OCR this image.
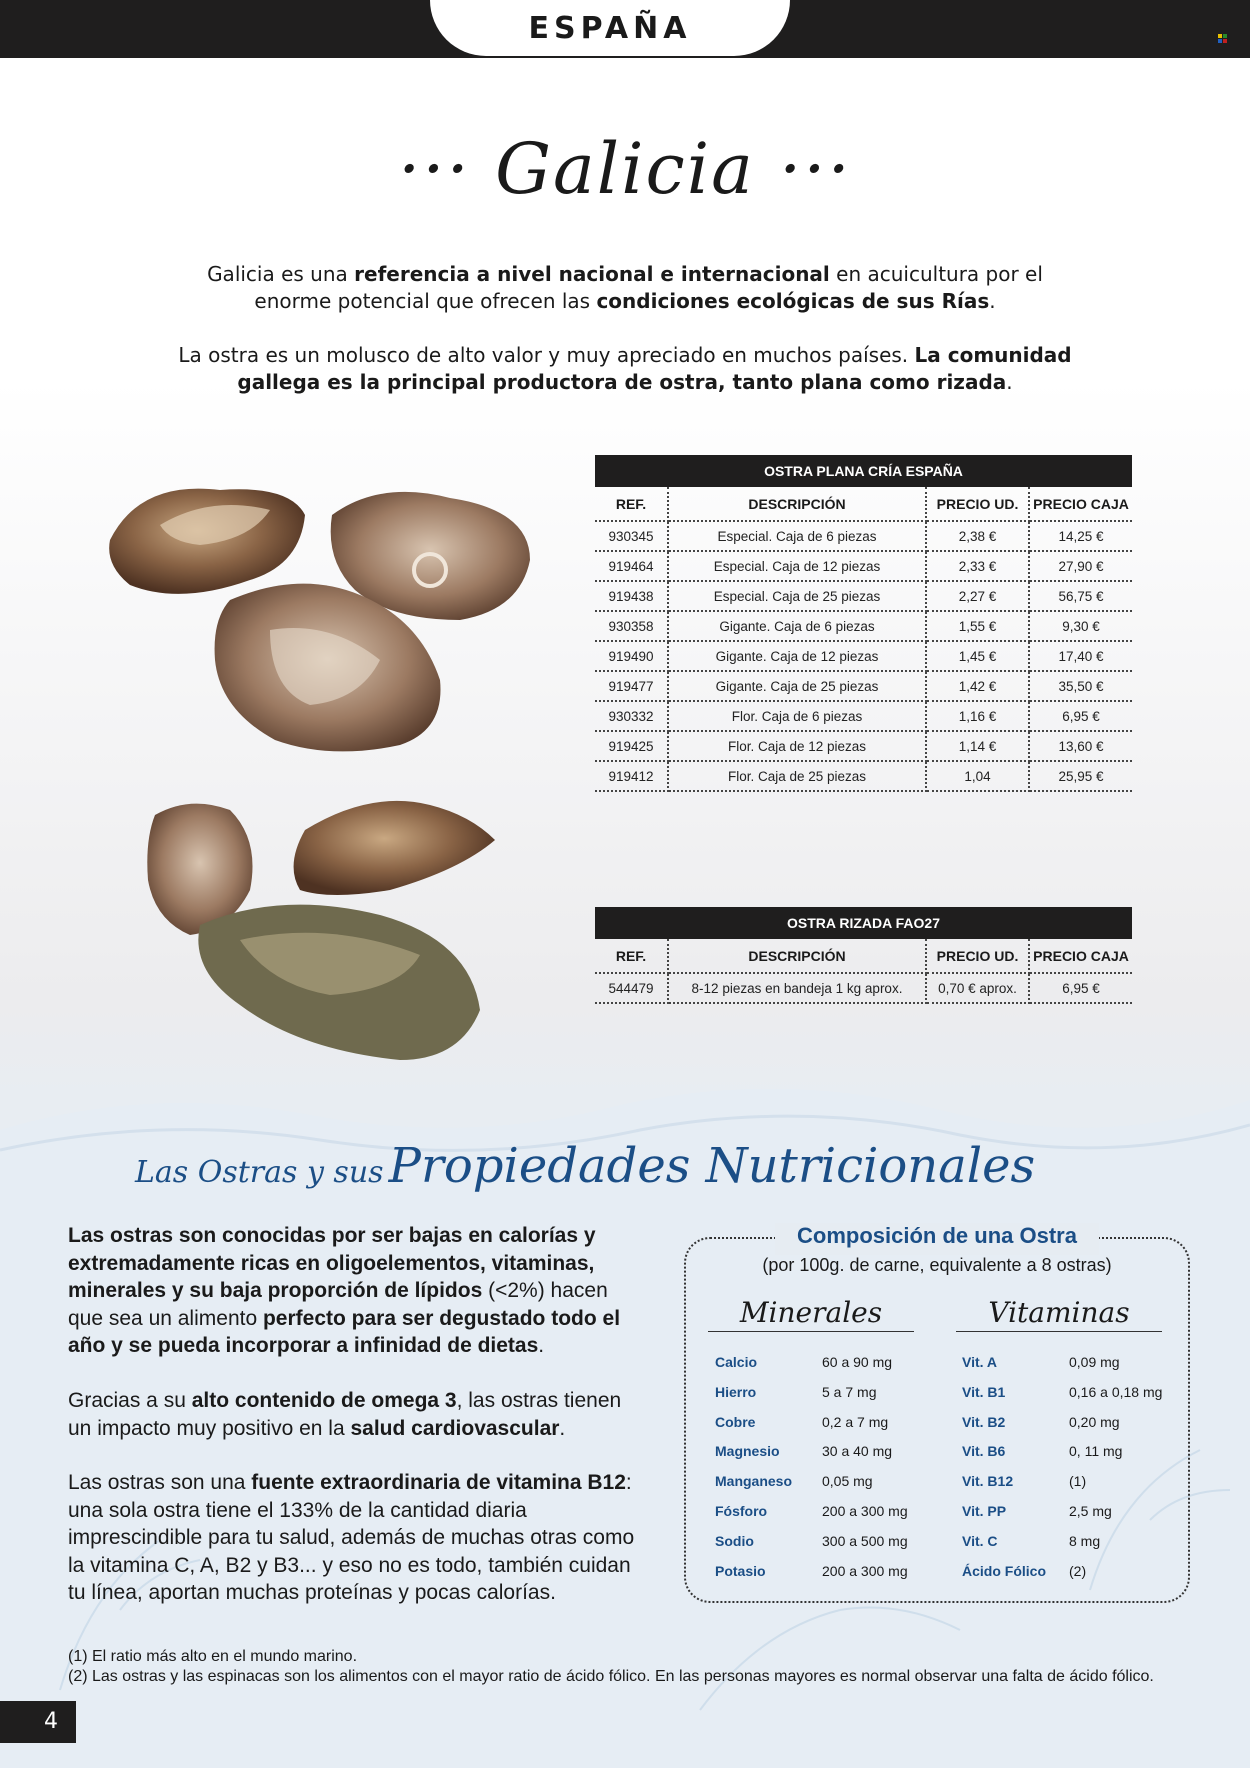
ESPAÑA
··· Galicia ···
Galicia es una referencia a nivel nacional e internacional en acuicultura por el enorme potencial que ofrecen las condiciones ecológicas de sus Rías.
La ostra es un molusco de alto valor y muy apreciado en muchos países. La comunidad gallega es la principal productora de ostra, tanto plana como rizada.
OSTRA PLANA CRÍA ESPAÑA
REF.	DESCRIPCIÓN	PRECIO UD.	PRECIO CAJA
930345	Especial. Caja de 6 piezas	2,38 €	14,25 €
919464	Especial. Caja de 12 piezas	2,33 €	27,90 €
919438	Especial. Caja de 25 piezas	2,27 €	56,75 €
930358	Gigante. Caja de 6 piezas	1,55 €	9,30 €
919490	Gigante. Caja de 12 piezas	1,45 €	17,40 €
919477	Gigante. Caja de 25 piezas	1,42 €	35,50 €
930332	Flor. Caja de 6 piezas	1,16 €	6,95 €
919425	Flor. Caja de 12 piezas	1,14 €	13,60 €
919412	Flor. Caja de 25 piezas	1,04	25,95 €
OSTRA RIZADA FAO27
REF.	DESCRIPCIÓN	PRECIO UD.	PRECIO CAJA
544479	8-12 piezas en bandeja 1 kg aprox.	0,70 € aprox.	6,95 €
Las Ostras y sus Propiedades Nutricionales
Las ostras son conocidas por ser bajas en calorías y extremadamente ricas en oligoelementos, vitaminas, minerales y su baja proporción de lípidos (<2%) hacen que sea un alimento perfecto para ser degustado todo el año y se pueda incorporar a infinidad de dietas.
Gracias a su alto contenido de omega 3, las ostras tienen un impacto muy positivo en la salud cardiovascular.
Las ostras son una fuente extraordinaria de vitamina B12: una sola ostra tiene el 133% de la cantidad diaria imprescindible para tu salud, además de muchas otras como la vitamina C, A, B2 y B3... y eso no es todo, también cuidan tu línea, aportan muchas proteínas y pocas calorías.
Composición de una Ostra
(por 100g. de carne, equivalente a 8 ostras)
Minerales	Vitaminas
Calcio	60 a 90 mg
Hierro	5 a 7 mg
Cobre	0,2 a 7 mg
Magnesio	30 a 40 mg
Manganeso 0,05 mg
Fósforo	200 a 300 mg
Sodio	300 a 500 mg
Potasio	200 a 300 mg
Vit. A	0,09 mg
Vit. B1	0,16 a 0,18 mg
Vit. B2	0,20 mg
Vit. B6	0, 11 mg
Vit. B12	(1)
Vit. PP	2,5 mg
Vit. C	8 mg
Ácido Fólico (2)
(1) El ratio más alto en el mundo marino.
(2) Las ostras y las espinacas son los alimentos con el mayor ratio de ácido fólico. En las personas mayores es normal observar una falta de ácido fólico.
4
